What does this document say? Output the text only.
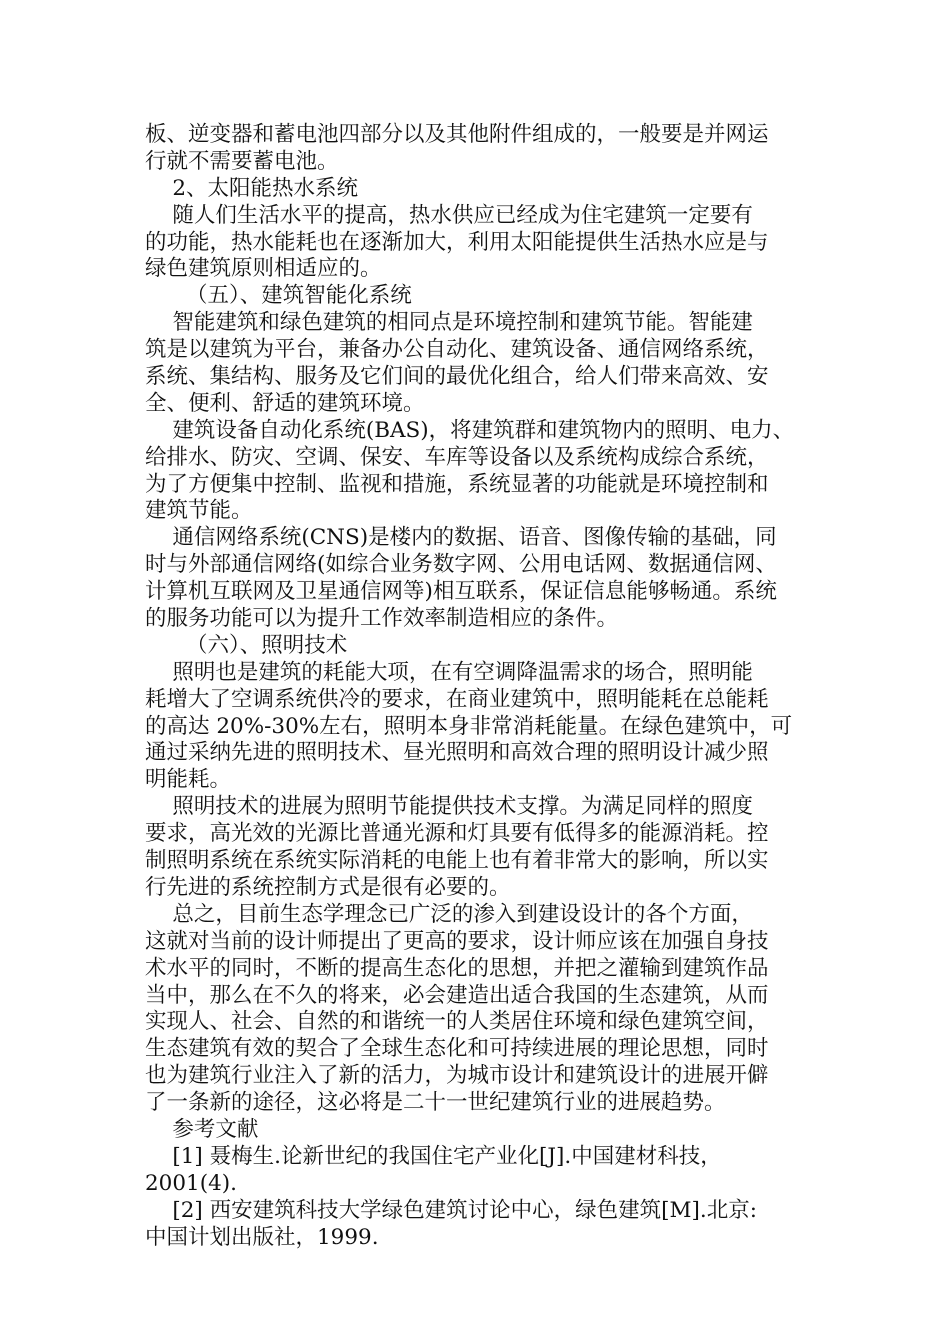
板、逆变器和蓄电池四部分以及其他附件组成的，一般要是并网运
行就不需要蓄电池。
2、太阳能热水系统
随人们生活水平的提高，热水供应已经成为住宅建筑一定要有
的功能，热水能耗也在逐渐加大，利用太阳能提供生活热水应是与
绿色建筑原则相适应的。
（五）、建筑智能化系统
智能建筑和绿色建筑的相同点是环境控制和建筑节能。智能建
筑是以建筑为平台，兼备办公自动化、建筑设备、通信网络系统，
系统、集结构、服务及它们间的最优化组合，给人们带来高效、安
全、便利、舒适的建筑环境。
建筑设备自动化系统(BAS)，将建筑群和建筑物内的照明、电力、
给排水、防灾、空调、保安、车库等设备以及系统构成综合系统，
为了方便集中控制、监视和措施，系统显著的功能就是环境控制和
建筑节能。
通信网络系统(CNS)是楼内的数据、语音、图像传输的基础，同
时与外部通信网络(如综合业务数字网、公用电话网、数据通信网、
计算机互联网及卫星通信网等)相互联系，保证信息能够畅通。系统
的服务功能可以为提升工作效率制造相应的条件。
（六）、照明技术
照明也是建筑的耗能大项，在有空调降温需求的场合，照明能
耗增大了空调系统供冷的要求，在商业建筑中，照明能耗在总能耗
的高达 20%-30%左右，照明本身非常消耗能量。在绿色建筑中，可
通过采纳先进的照明技术、昼光照明和高效合理的照明设计减少照
明能耗。
照明技术的进展为照明节能提供技术支撑。为满足同样的照度
要求，高光效的光源比普通光源和灯具要有低得多的能源消耗。控
制照明系统在系统实际消耗的电能上也有着非常大的影响，所以实
行先进的系统控制方式是很有必要的。
总之，目前生态学理念已广泛的渗入到建设设计的各个方面，
这就对当前的设计师提出了更高的要求，设计师应该在加强自身技
术水平的同时，不断的提高生态化的思想，并把之灌输到建筑作品
当中，那么在不久的将来，必会建造出适合我国的生态建筑，从而
实现人、社会、自然的和谐统一的人类居住环境和绿色建筑空间，
生态建筑有效的契合了全球生态化和可持续进展的理论思想，同时
也为建筑行业注入了新的活力，为城市设计和建筑设计的进展开僻
了一条新的途径，这必将是二十一世纪建筑行业的进展趋势。
参考文献
[1] 聂梅生.论新世纪的我国住宅产业化[J].中国建材科技，
2001(4).
[2] 西安建筑科技大学绿色建筑讨论中心，绿色建筑[M].北京:
中国计划出版社，1999.
